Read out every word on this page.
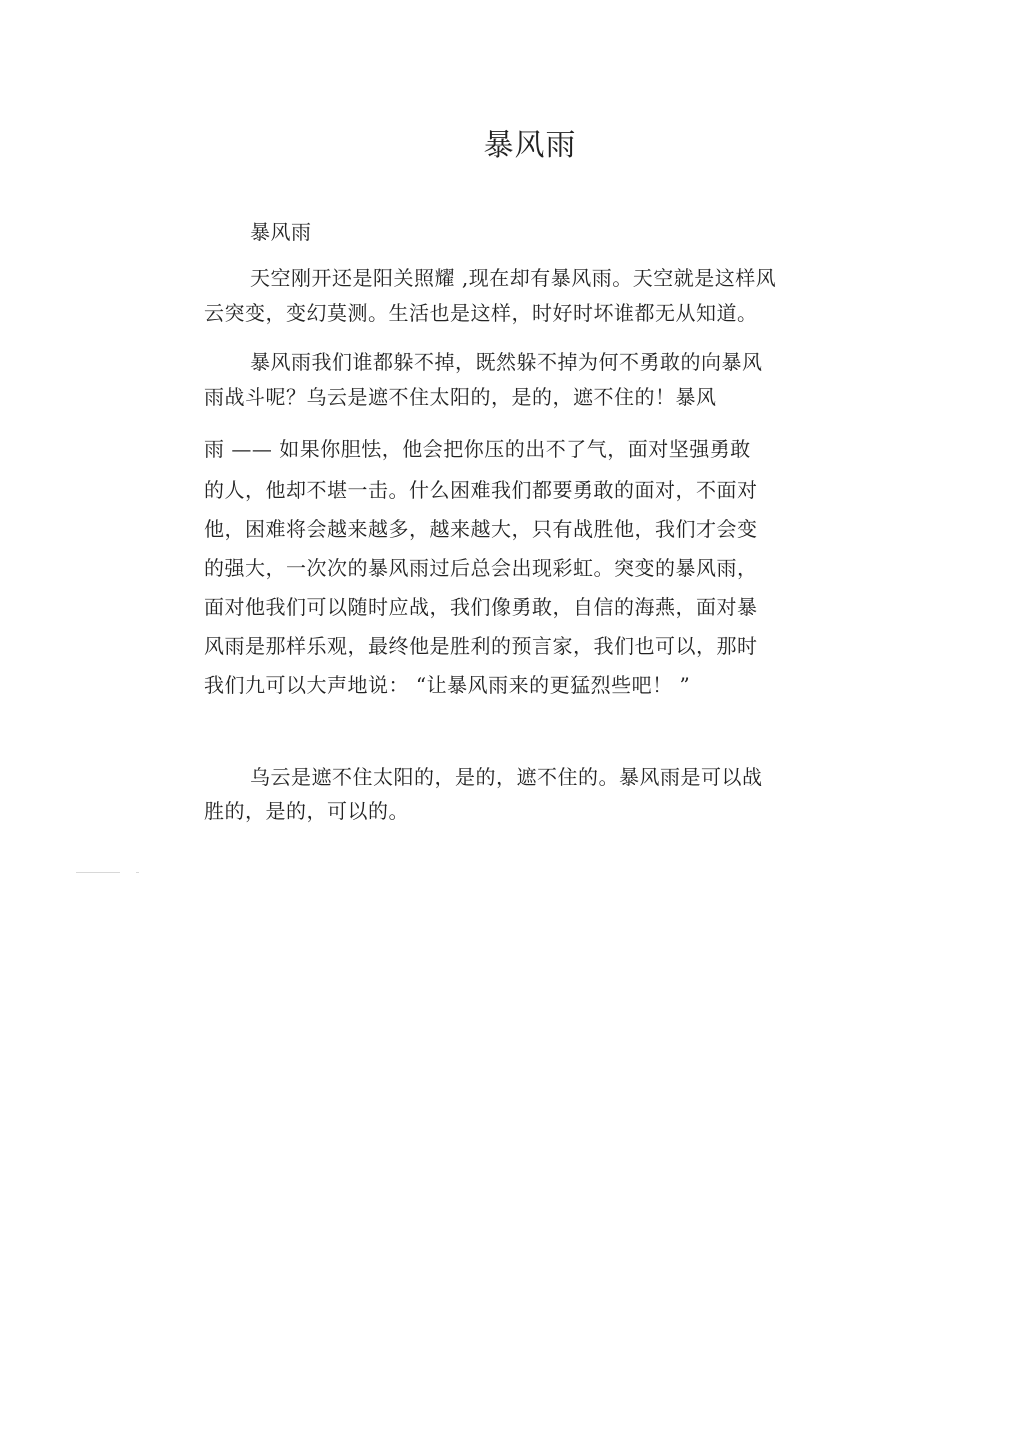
暴风雨

暴风雨

天空刚开还是阳关照耀 ,现在却有暴风雨。天空就是这样风

云突变，变幻莫测。生活也是这样，时好时坏谁都无从知道。

暴风雨我们谁都躲不掉，既然躲不掉为何不勇敢的向暴风

雨战斗呢？乌云是遮不住太阳的，是的，遮不住的！暴风

雨 —— 如果你胆怯，他会把你压的出不了气，面对坚强勇敢

的人，他却不堪一击。什么困难我们都要勇敢的面对，不面对

他，困难将会越来越多，越来越大，只有战胜他，我们才会变

的强大，一次次的暴风雨过后总会出现彩虹。突变的暴风雨，

面对他我们可以随时应战，我们像勇敢，自信的海燕，面对暴

风雨是那样乐观，最终他是胜利的预言家，我们也可以，那时

我们九可以大声地说： “让暴风雨来的更猛烈些吧！ ”

乌云是遮不住太阳的，是的，遮不住的。暴风雨是可以战

胜的，是的，可以的。
